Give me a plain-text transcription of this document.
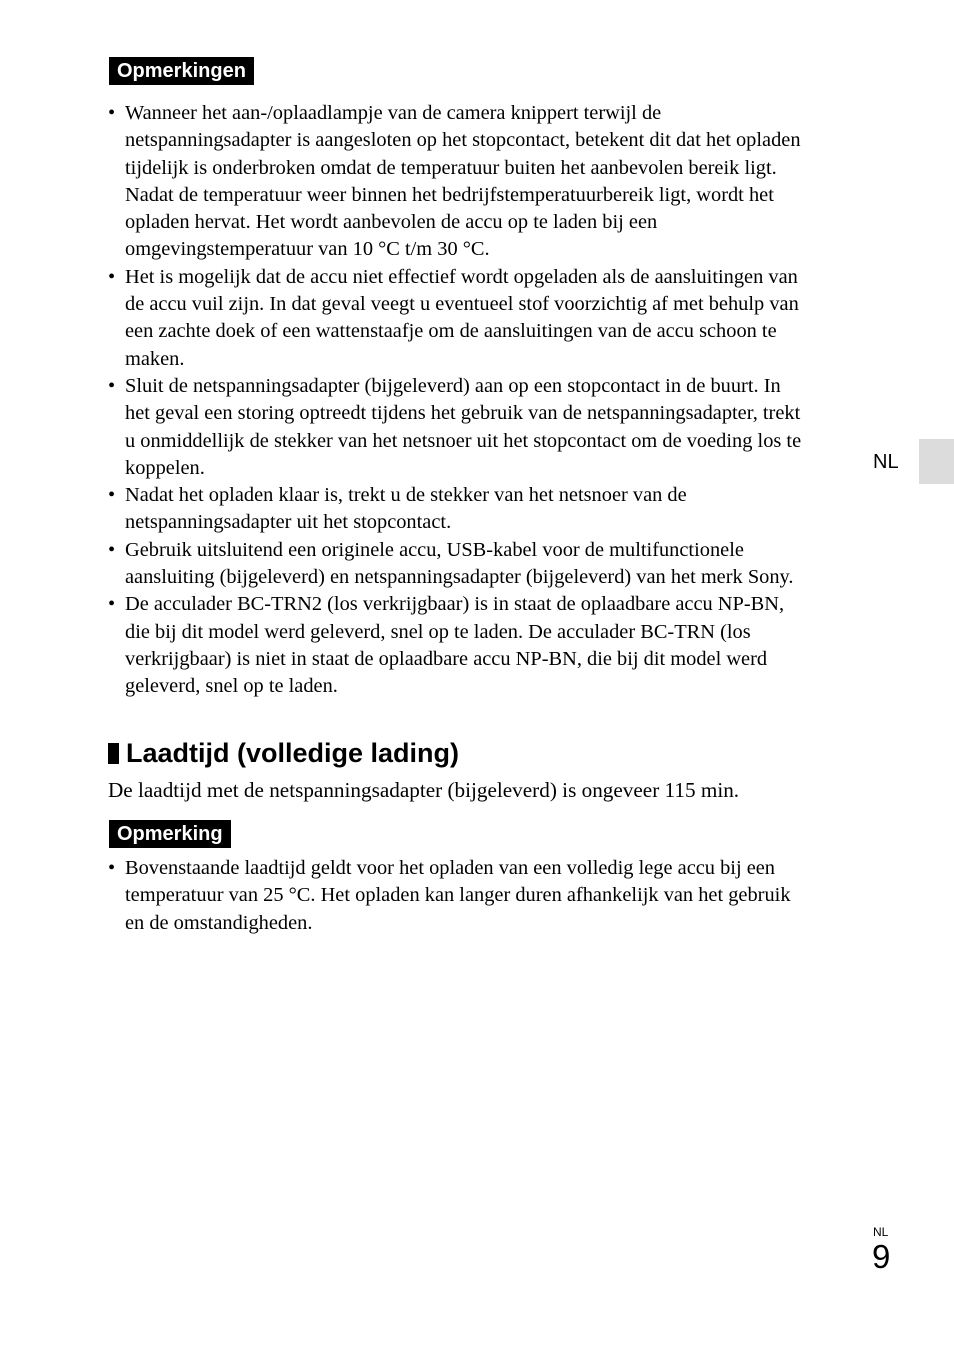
Opmerkingen
• Wanneer het aan-/oplaadlampje van de camera knippert terwijl de
netspanningsadapter is aangesloten op het stopcontact, betekent dit dat het opladen
tijdelijk is onderbroken omdat de temperatuur buiten het aanbevolen bereik ligt.
Nadat de temperatuur weer binnen het bedrijfstemperatuurbereik ligt, wordt het
opladen hervat. Het wordt aanbevolen de accu op te laden bij een
omgevingstemperatuur van 10 °C t/m 30 °C.
• Het is mogelijk dat de accu niet effectief wordt opgeladen als de aansluitingen van
de accu vuil zijn. In dat geval veegt u eventueel stof voorzichtig af met behulp van
een zachte doek of een wattenstaafje om de aansluitingen van de accu schoon te
maken.
• Sluit de netspanningsadapter (bijgeleverd) aan op een stopcontact in de buurt. In
het geval een storing optreedt tijdens het gebruik van de netspanningsadapter, trekt
u onmiddellijk de stekker van het netsnoer uit het stopcontact om de voeding los te
koppelen.
• Nadat het opladen klaar is, trekt u de stekker van het netsnoer van de
netspanningsadapter uit het stopcontact.
• Gebruik uitsluitend een originele accu, USB-kabel voor de multifunctionele
aansluiting (bijgeleverd) en netspanningsadapter (bijgeleverd) van het merk Sony.
• De acculader BC-TRN2 (los verkrijgbaar) is in staat de oplaadbare accu NP-BN,
die bij dit model werd geleverd, snel op te laden. De acculader BC-TRN (los
verkrijgbaar) is niet in staat de oplaadbare accu NP-BN, die bij dit model werd
geleverd, snel op te laden.
Laadtijd (volledige lading)
De laadtijd met de netspanningsadapter (bijgeleverd) is ongeveer 115 min.
Opmerking
• Bovenstaande laadtijd geldt voor het opladen van een volledig lege accu bij een
temperatuur van 25 °C. Het opladen kan langer duren afhankelijk van het gebruik
en de omstandigheden.
NL
NL
9
